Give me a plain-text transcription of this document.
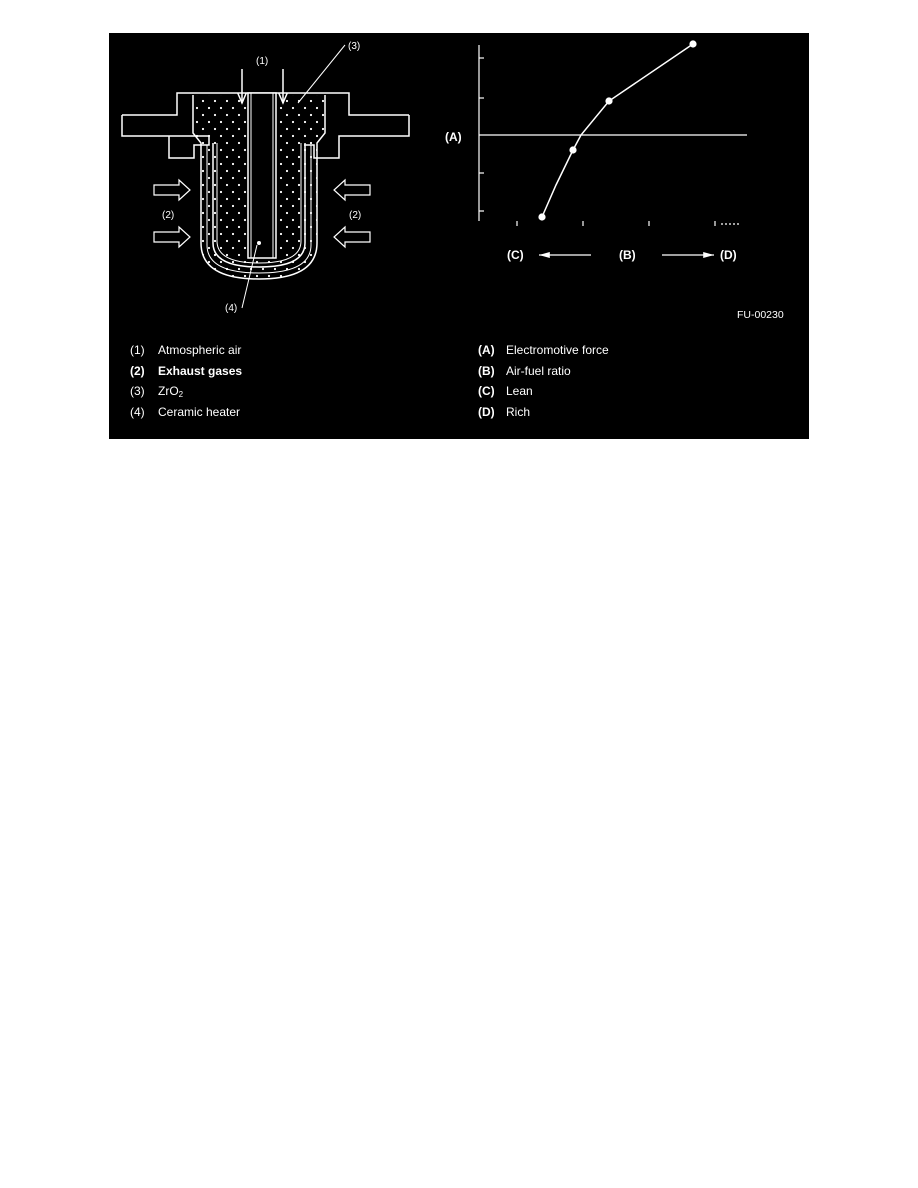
(1)
(3)
(2)	(2)
(4)
(A)
(C)	(B)	(D)
FU-00230
(1) Atmospheric air
(2) Exhaust gases
(3) ZrO$_2$
(4) Ceramic heater
(A) Electromotive force
(B) Air-fuel ratio
(C) Lean
(D) Rich
